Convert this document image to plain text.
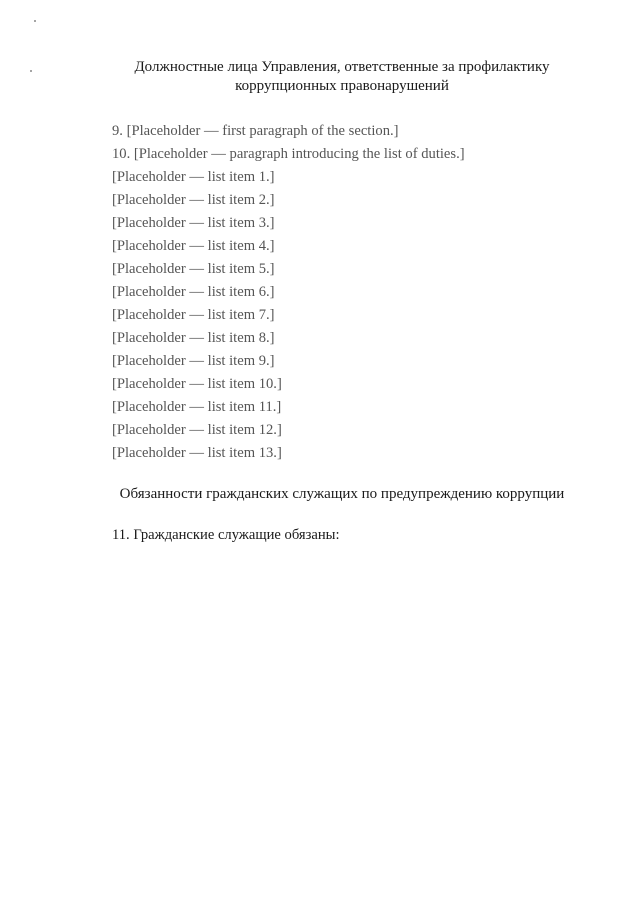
Должностные лица Управления, ответственные за профилактику коррупционных правонарушений
9. [Placeholder — first paragraph of the section.]
10. [Placeholder — paragraph introducing the list of duties.]
[Placeholder — list item 1.]
[Placeholder — list item 2.]
[Placeholder — list item 3.]
[Placeholder — list item 4.]
[Placeholder — list item 5.]
[Placeholder — list item 6.]
[Placeholder — list item 7.]
[Placeholder — list item 8.]
[Placeholder — list item 9.]
[Placeholder — list item 10.]
[Placeholder — list item 11.]
[Placeholder — list item 12.]
[Placeholder — list item 13.]
Обязанности гражданских служащих по предупреждению коррупции
11. Гражданские служащие обязаны:
